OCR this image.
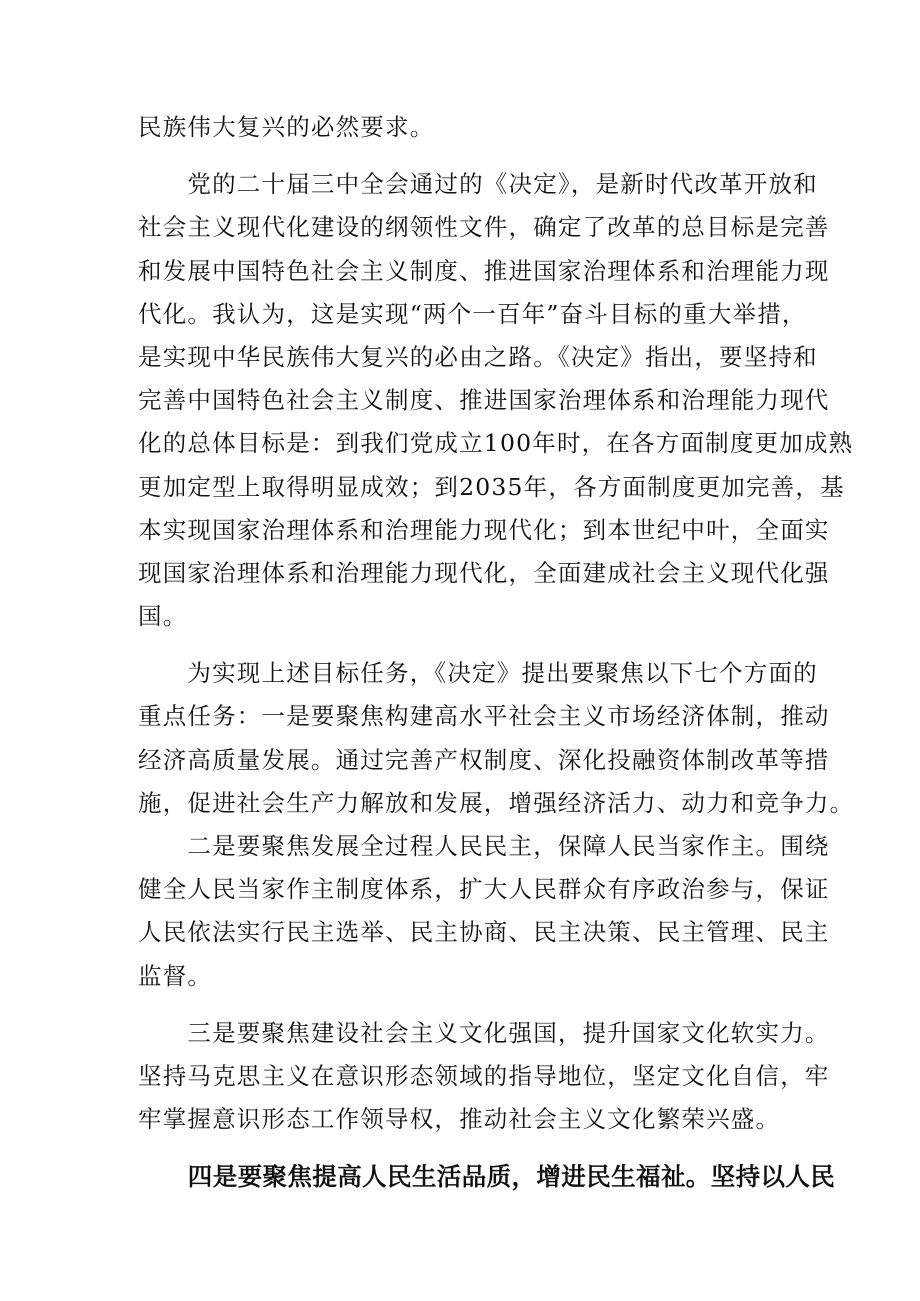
民族伟大复兴的必然要求。
　　党的二十届三中全会通过的《决定》，是新时代改革开放和
社会主义现代化建设的纲领性文件，确定了改革的总目标是完善
和发展中国特色社会主义制度、推进国家治理体系和治理能力现
代化。我认为，这是实现“两个一百年”奋斗目标的重大举措，
是实现中华民族伟大复兴的必由之路。《决定》指出，要坚持和
完善中国特色社会主义制度、推进国家治理体系和治理能力现代
化的总体目标是：到我们党成立100年时，在各方面制度更加成熟
更加定型上取得明显成效；到2035年，各方面制度更加完善，基
本实现国家治理体系和治理能力现代化；到本世纪中叶，全面实
现国家治理体系和治理能力现代化，全面建成社会主义现代化强
国。
　　为实现上述目标任务，《决定》提出要聚焦以下七个方面的
重点任务：一是要聚焦构建高水平社会主义市场经济体制，推动
经济高质量发展。通过完善产权制度、深化投融资体制改革等措
施，促进社会生产力解放和发展，增强经济活力、动力和竞争力。
　　二是要聚焦发展全过程人民民主，保障人民当家作主。围绕
健全人民当家作主制度体系，扩大人民群众有序政治参与，保证
人民依法实行民主选举、民主协商、民主决策、民主管理、民主
监督。
　　三是要聚焦建设社会主义文化强国，提升国家文化软实力。
坚持马克思主义在意识形态领域的指导地位，坚定文化自信，牢
牢掌握意识形态工作领导权，推动社会主义文化繁荣兴盛。
　　四是要聚焦提高人民生活品质，增进民生福祉。坚持以人民
